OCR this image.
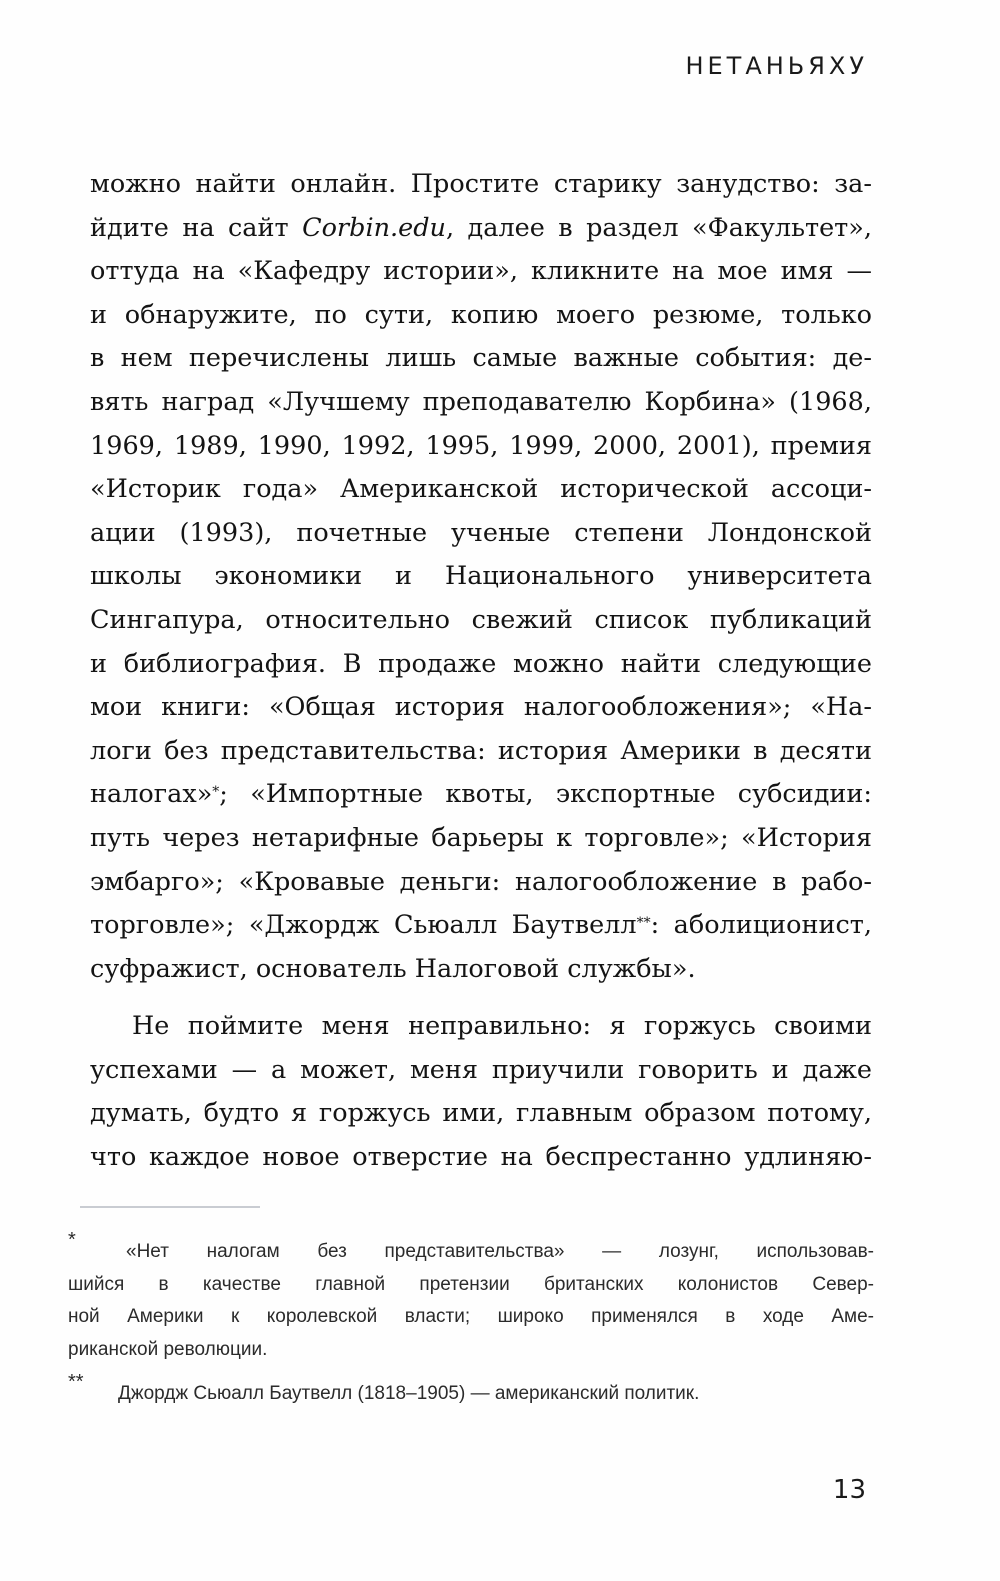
НЕТАНЬЯХУ

можно найти онлайн. Простите старику занудство: за-
йдите на сайт Corbin.edu, далее в раздел «Факультет»,
оттуда на «Кафедру истории», кликните на мое имя —
и обнаружите, по сути, копию моего резюме, только
в нем перечислены лишь самые важные события: де-
вять наград «Лучшему преподавателю Корбина» (1968,
1969, 1989, 1990, 1992, 1995, 1999, 2000, 2001), премия
«Историк года» Американской исторической ассоци-
ации (1993), почетные ученые степени Лондонской
школы экономики и Национального университета
Сингапура, относительно свежий список публикаций
и библиография. В продаже можно найти следующие
мои книги: «Общая история налогообложения»; «На-
логи без представительства: история Америки в десяти
налогах»*; «Импортные квоты, экспортные субсидии:
путь через нетарифные барьеры к торговле»; «История
эмбарго»; «Кровавые деньги: налогообложение в рабо-
торговле»; «Джордж Сьюалл Баутвелл**: аболиционист,
суфражист, основатель Налоговой службы».
Не поймите меня неправильно: я горжусь своими
успехами — а может, меня приучили говорить и даже
думать, будто я горжусь ими, главным образом потому,
что каждое новое отверстие на беспрестанно удлиняю-
*
«Нет налогам без представительства» — лозунг, использовав-
шийся в качестве главной претензии британских колонистов Север-
ной Америки к королевской власти; широко применялся в ходе Аме-
риканской революции.
**
Джордж Сьюалл Баутвелл (1818–1905) — американский политик.

13
